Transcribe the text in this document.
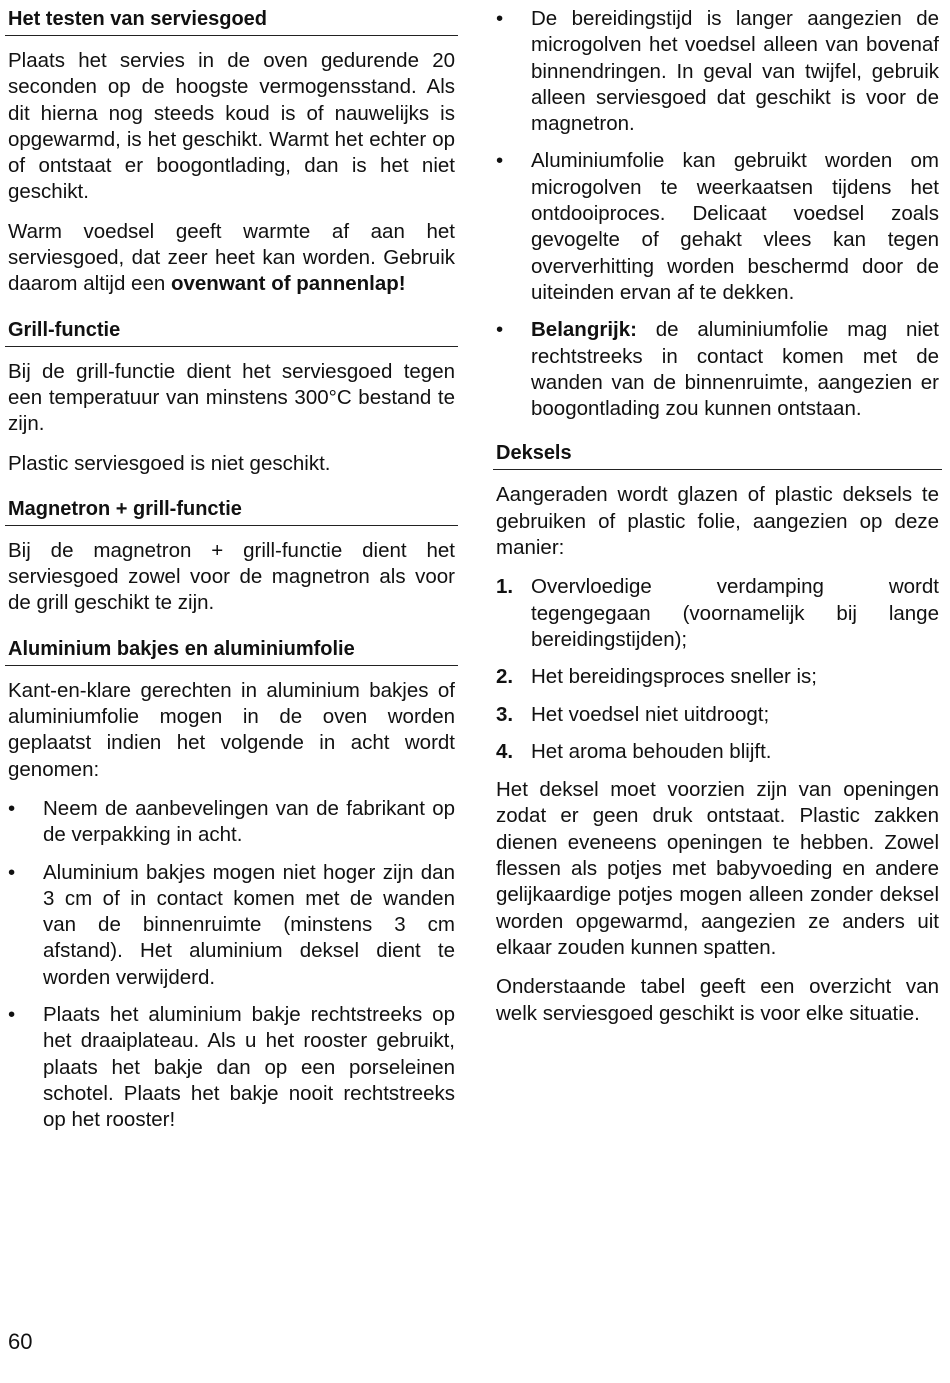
Het testen van serviesgoed

Plaats het servies in de oven gedurende 20 seconden op de hoogste vermogensstand. Als dit hierna nog steeds koud is of nauwelijks is opgewarmd, is het geschikt. Warmt het echter op of ontstaat er boogontlading, dan is het niet geschikt.

Warm voedsel geeft warmte af aan het serviesgoed, dat zeer heet kan worden. Gebruik daarom altijd een ovenwant of pannenlap!

Grill-functie

Bij de grill-functie dient het serviesgoed tegen een temperatuur van minstens 300°C bestand te zijn.

Plastic serviesgoed is niet geschikt.

Magnetron + grill-functie

Bij de magnetron + grill-functie dient het serviesgoed zowel voor de magnetron als voor de grill geschikt te zijn.

Aluminium bakjes en aluminiumfolie

Kant-en-klare gerechten in aluminium bakjes of aluminiumfolie mogen in de oven worden geplaatst indien het volgende in acht wordt genomen:

•	Neem de aanbevelingen van de fabrikant op de verpakking in acht.
•	Aluminium bakjes mogen niet hoger zijn dan 3 cm of in contact komen met de wanden van de binnenruimte (minstens 3 cm afstand). Het aluminium deksel dient te worden verwijderd.
•	Plaats het aluminium bakje rechtstreeks op het draaiplateau. Als u het rooster gebruikt, plaats het bakje dan op een porseleinen schotel. Plaats het bakje nooit rechtstreeks op het rooster!
•	De bereidingstijd is langer aangezien de microgolven het voedsel alleen van bovenaf binnendringen. In geval van twijfel, gebruik alleen serviesgoed dat geschikt is voor de magnetron.
•	Aluminiumfolie kan gebruikt worden om microgolven te weerkaatsen tijdens het ontdooiproces. Delicaat voedsel zoals gevogelte of gehakt vlees kan tegen oververhitting worden beschermd door de uiteinden ervan af te dekken.
•	Belangrijk: de aluminiumfolie mag niet rechtstreeks in contact komen met de wanden van de binnenruimte, aangezien er boogontlading zou kunnen ontstaan.
Deksels

Aangeraden wordt glazen of plastic deksels te gebruiken of plastic folie, aangezien op deze manier:

1. Overvloedige verdamping wordt tegengegaan (voornamelijk bij lange bereidingstijden);
2. Het bereidingsproces sneller is;
3. Het voedsel niet uitdroogt;
4. Het aroma behouden blijft.

Het deksel moet voorzien zijn van openingen zodat er geen druk ontstaat. Plastic zakken dienen eveneens openingen te hebben. Zowel flessen als potjes met babyvoeding en andere gelijkaardige potjes mogen alleen zonder deksel worden opgewarmd, aangezien ze anders uit elkaar zouden kunnen spatten.

Onderstaande tabel geeft een overzicht van welk serviesgoed geschikt is voor elke situatie.

60
